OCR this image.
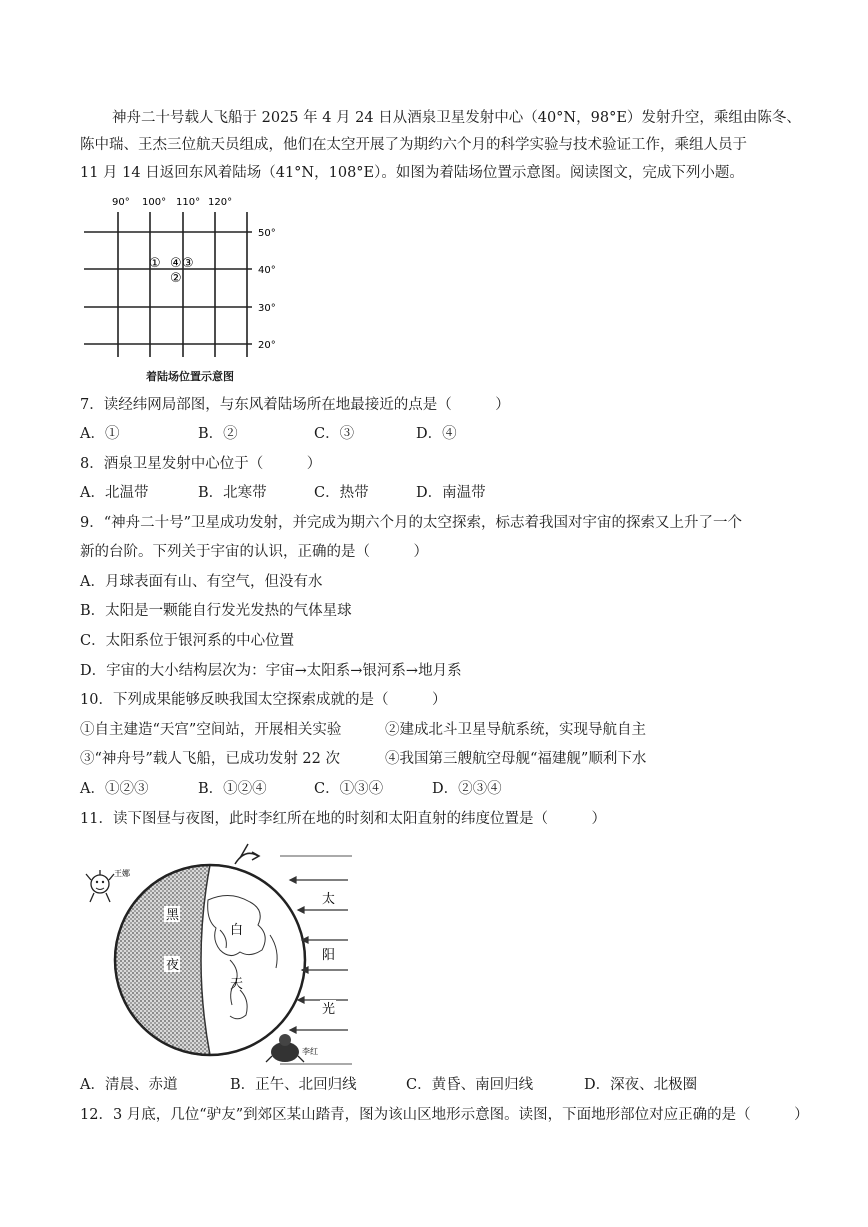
神舟二十号载人飞船于 2025 年 4 月 24 日从酒泉卫星发射中心（40°N，98°E）发射升空，乘组由陈冬、
陈中瑞、王杰三位航天员组成，他们在太空开展了为期约六个月的科学实验与技术验证工作，乘组人员于
11 月 14 日返回东风着陆场（41°N，108°E）。如图为着陆场位置示意图。阅读图文，完成下列小题。
90° 100° 110° 120°
50°
40°
30°
20°
① ④ ③
②
着陆场位置示意图
7．读经纬网局部图，与东风着陆场所在地最接近的点是（　　　）
A．①	B．②	C．③	D．④
8．酒泉卫星发射中心位于（　　　）
A．北温带	B．北寒带	C．热带	D．南温带
9．“神舟二十号”卫星成功发射，并完成为期六个月的太空探索，标志着我国对宇宙的探索又上升了一个
新的台阶。下列关于宇宙的认识，正确的是（　　　）
A．月球表面有山、有空气，但没有水
B．太阳是一颗能自行发光发热的气体星球
C．太阳系位于银河系的中心位置
D．宇宙的大小结构层次为：宇宙→太阳系→银河系→地月系
10．下列成果能够反映我国太空探索成就的是（　　　）
①自主建造“天宫”空间站，开展相关实验	②建成北斗卫星导航系统，实现导航自主
③“神舟号”载人飞船，已成功发射 22 次	④我国第三艘航空母舰“福建舰”顺利下水
A．①②③	B．①②④	C．①③④	D．②③④
11．读下图昼与夜图，此时李红所在地的时刻和太阳直射的纬度位置是（　　　）
太
阳
光
黑
夜
白
天
王娜
李红
A．清晨、赤道	B．正午、北回归线	C．黄昏、南回归线	D．深夜、北极圈
12．3 月底，几位“驴友”到郊区某山踏青，图为该山区地形示意图。读图，下面地形部位对应正确的是（　　　）
